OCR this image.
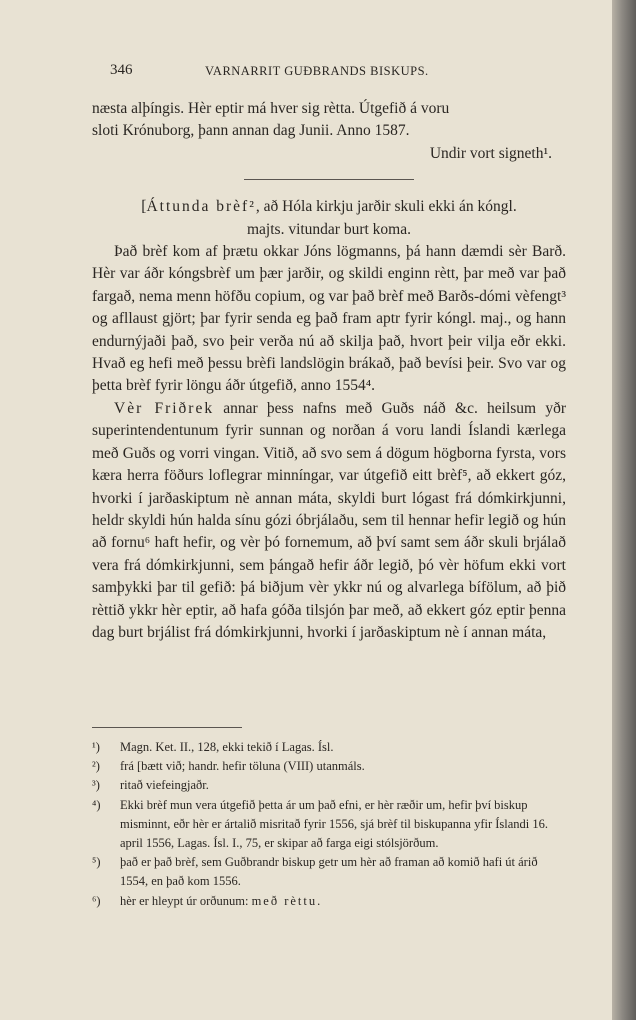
346	VARNARRIT GUÐBRANDS BISKUPS.

næsta alþíngis. Hèr eptir má hver sig rètta. Útgefið á voru

sloti Krónuborg, þann annan dag Junii. Anno 1587.

Undir vort signeth¹.

[Áttunda brèf², að Hóla kirkju jarðir skuli ekki án kóngl.

majts. vitundar burt koma.

Það brèf kom af þrætu okkar Jóns lögmanns, þá hann dæmdi sèr Barð. Hèr var áðr kóngsbrèf um þær jarðir, og skildi enginn rètt, þar með var það fargað, nema menn höfðu copium, og var það brèf með Barðs-dómi vèfengt³ og afllaust gjört; þar fyrir senda eg það fram aptr fyrir kóngl. maj., og hann endurnýjaði það, svo þeir verða nú að skilja það, hvort þeir vilja eðr ekki. Hvað eg hefi með þessu brèfi landslögin brákað, það bevísi þeir. Svo var og þetta brèf fyrir löngu áðr útgefið, anno 1554⁴.

Vèr Friðrek annar þess nafns með Guðs náð &c. heilsum yðr superintendentunum fyrir sunnan og norðan á voru landi Íslandi kærlega með Guðs og vorri vingan. Vitið, að svo sem á dögum högborna fyrsta, vors kæra herra föðurs loflegrar minníngar, var útgefið eitt brèf⁵, að ekkert góz, hvorki í jarðaskiptum nè annan máta, skyldi burt lógast frá dómkirkjunni, heldr skyldi hún halda sínu gózi óbrjálaðu, sem til hennar hefir legið og hún að fornu⁶ haft hefir, og vèr þó fornemum, að því samt sem áðr skuli brjálað vera frá dómkirkjunni, sem þángað hefir áðr legið, þó vèr höfum ekki vort samþykki þar til gefið: þá biðjum vèr ykkr nú og alvarlega bífölum, að þið rèttið ykkr hèr eptir, að hafa góða tilsjón þar með, að ekkert góz eptir þenna dag burt brjálist frá dómkirkjunni, hvorki í jarðaskiptum nè í annan máta,

¹) Magn. Ket. II., 128, ekki tekið í Lagas. Ísl.

²) frá [bætt við; handr. hefir töluna (VIII) utanmáls.

³) ritað viefeingjaðr.

⁴) Ekki brèf mun vera útgefið þetta ár um það efni, er hèr ræðir um, hefir því biskup misminnt, eðr hèr er ártalið misritað fyrir 1556, sjá brèf til biskupanna yfir Íslandi 16. april 1556, Lagas. Ísl. I., 75, er skipar að farga eigi stólsjörðum.

⁵) það er það brèf, sem Guðbrandr biskup getr um hèr að framan að komið hafi út árið 1554, en það kom 1556.

⁶) hèr er hleypt úr orðunum: með rèttu.
